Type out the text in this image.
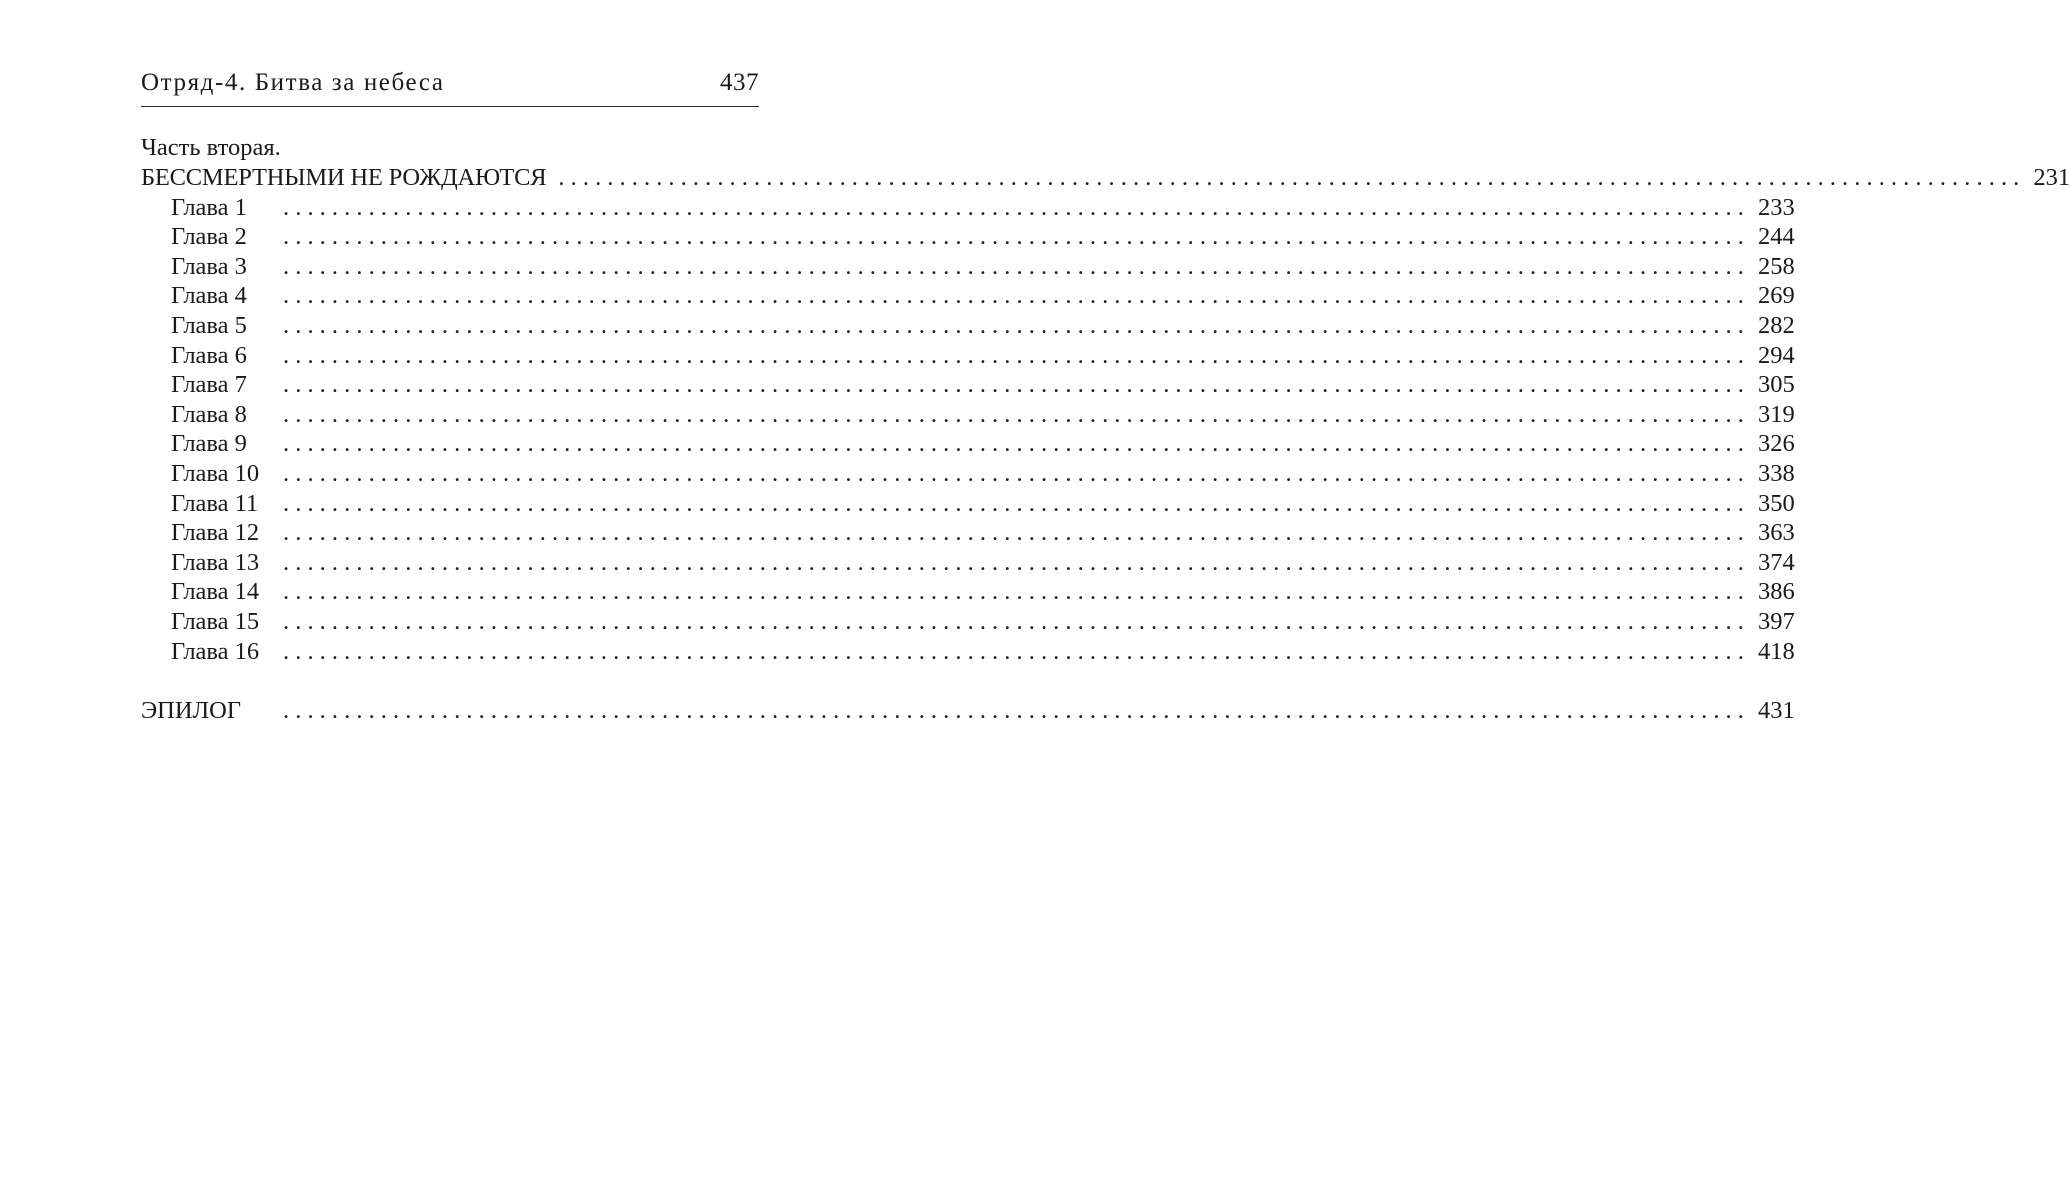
Отряд-4. Битва за небеса	437
Часть вторая.
БЕССМЕРТНЫМИ НЕ РОЖДАЮТСЯ ........................................................................................................................ 231
Глава 1	........................................................................................................................ 233
Глава 2	........................................................................................................................ 244
Глава 3	........................................................................................................................ 258
Глава 4	........................................................................................................................ 269
Глава 5	........................................................................................................................ 282
Глава 6	........................................................................................................................ 294
Глава 7	........................................................................................................................ 305
Глава 8	........................................................................................................................ 319
Глава 9	........................................................................................................................ 326
Глава 10 ........................................................................................................................ 338
Глава 11	........................................................................................................................ 350
Глава 12 ........................................................................................................................ 363
Глава 13 ........................................................................................................................ 374
Глава 14 ........................................................................................................................ 386
Глава 15 ........................................................................................................................ 397
Глава 16 ........................................................................................................................ 418
ЭПИЛОГ	........................................................................................................................ 431
